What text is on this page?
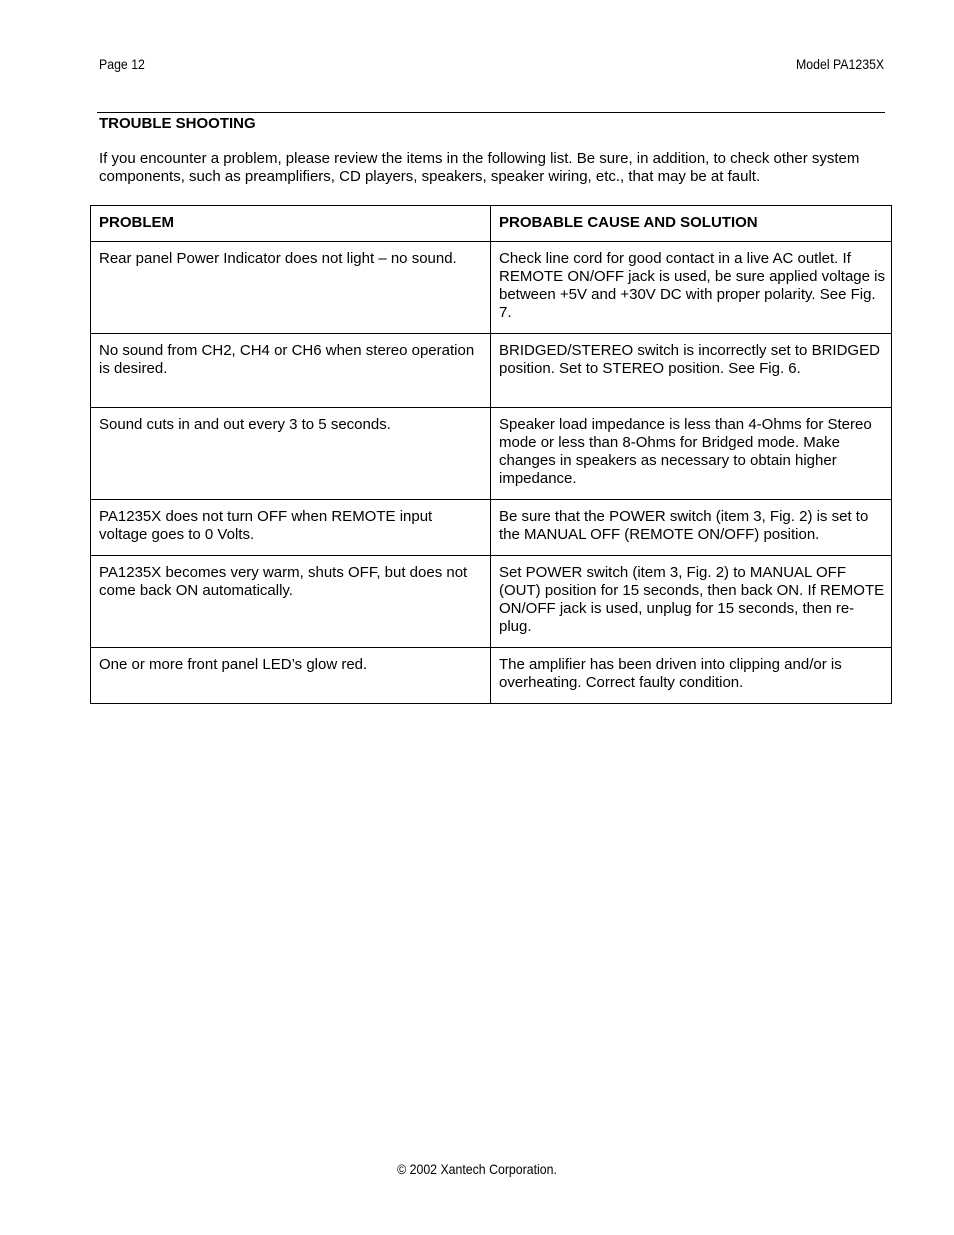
Page 12	Model PA1235X
TROUBLE SHOOTING
If you encounter a problem, please review the items in the following list. Be sure, in addition, to check other system components, such as preamplifiers, CD players, speakers, speaker wiring, etc., that may be at fault.
PROBLEM	PROBABLE CAUSE AND SOLUTION
Rear panel Power Indicator does not light – no sound.	Check line cord for good contact in a live AC outlet. If REMOTE ON/OFF jack is used, be sure applied voltage is between +5V and +30V DC with proper polarity. See Fig. 7.
No sound from CH2, CH4 or CH6 when stereo operation is desired.	BRIDGED/STEREO switch is incorrectly set to BRIDGED position. Set to STEREO position. See Fig. 6.
Sound cuts in and out every 3 to 5 seconds.	Speaker load impedance is less than 4-Ohms for Stereo mode or less than 8-Ohms for Bridged mode. Make changes in speakers as necessary to obtain higher impedance.
PA1235X does not turn OFF when REMOTE input voltage goes to 0 Volts.	Be sure that the POWER switch (item 3, Fig. 2) is set to the MANUAL OFF (REMOTE ON/OFF) position.
PA1235X becomes very warm, shuts OFF, but does not come back ON automatically.	Set POWER switch (item 3, Fig. 2) to MANUAL OFF (OUT) position for 15 seconds, then back ON. If REMOTE ON/OFF jack is used, unplug for 15 seconds, then re-plug.
One or more front panel LED’s glow red.	The amplifier has been driven into clipping and/or is overheating. Correct faulty condition.
© 2002 Xantech Corporation.
